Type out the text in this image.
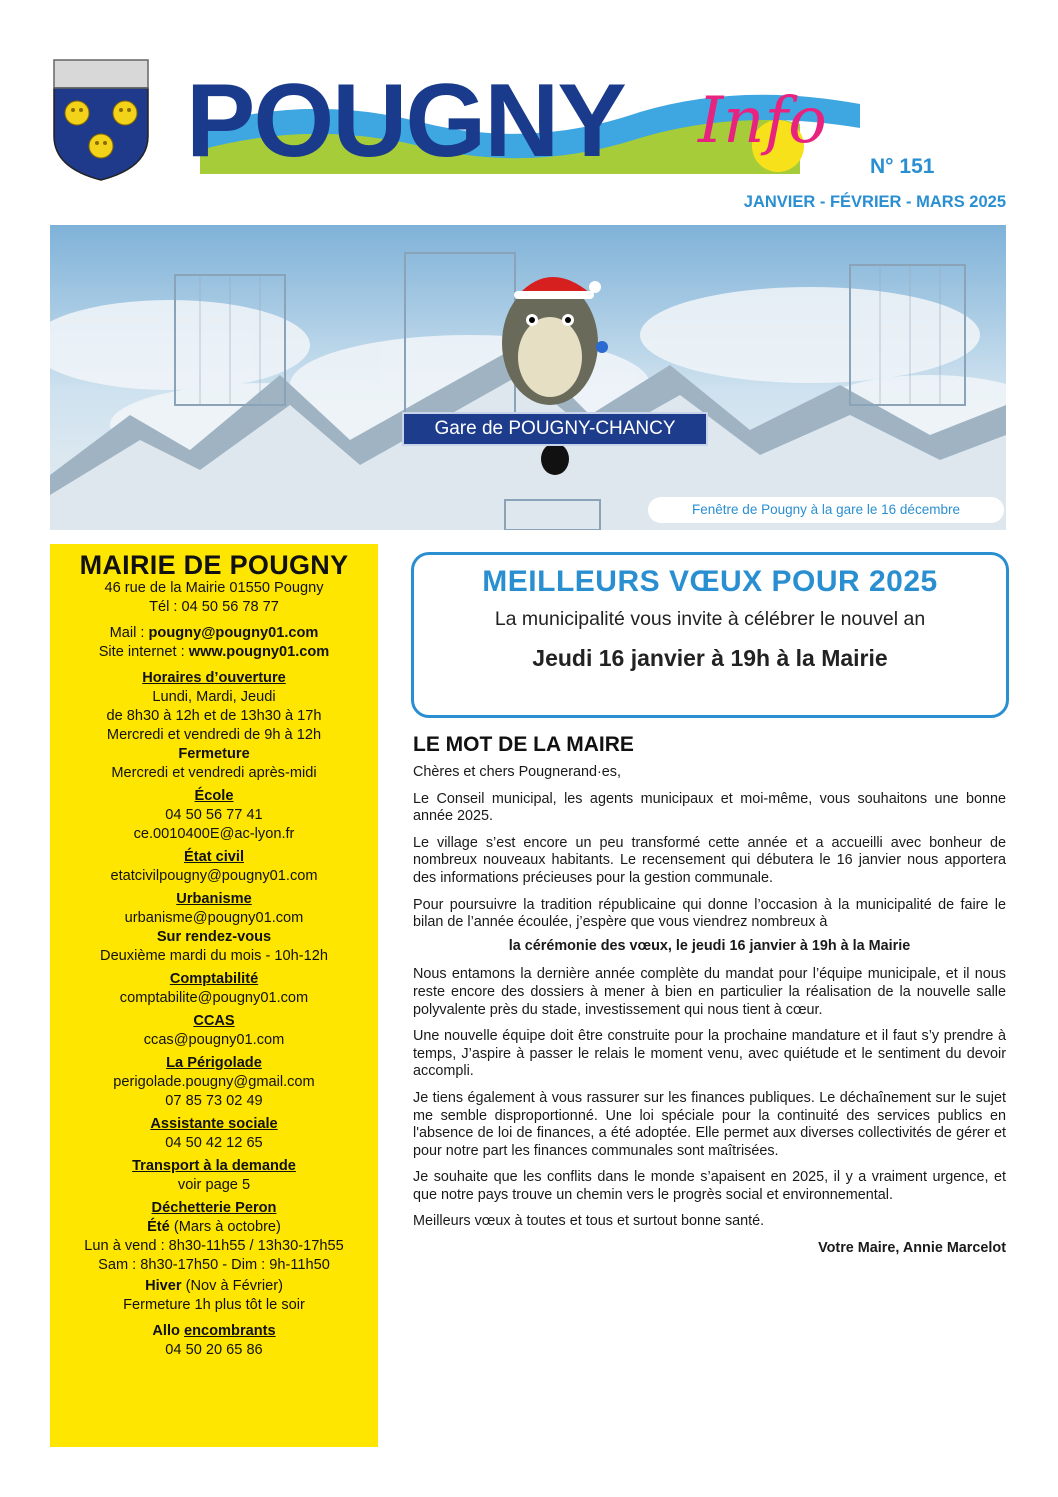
POUGNY Info
N° 151
JANVIER - FÉVRIER - MARS 2025
Gare de POUGNY-CHANCY
Fenêtre de Pougny à la gare le 16 décembre
MAIRIE DE POUGNY
46 rue de la Mairie 01550 Pougny
Tél : 04 50 56 78 77
Mail : pougny@pougny01.com
Site internet : www.pougny01.com
Horaires d’ouverture
Lundi, Mardi, Jeudi
de 8h30 à 12h et de 13h30 à 17h
Mercredi et vendredi de 9h à 12h
Fermeture
Mercredi et vendredi après-midi
École
04 50 56 77 41
ce.0010400E@ac-lyon.fr
État civil
etatcivilpougny@pougny01.com
Urbanisme
urbanisme@pougny01.com
Sur rendez-vous
Deuxième mardi du mois - 10h-12h
Comptabilité
comptabilite@pougny01.com
CCAS
ccas@pougny01.com
La Périgolade
perigolade.pougny@gmail.com
07 85 73 02 49
Assistante sociale
04 50 42 12 65
Transport à la demande
voir page 5
Déchetterie Peron
Été (Mars à octobre)
Lun à vend : 8h30-11h55 / 13h30-17h55
Sam : 8h30-17h50 - Dim : 9h-11h50
Hiver (Nov à Février)
Fermeture 1h plus tôt le soir
Allo encombrants
04 50 20 65 86
MEILLEURS VŒUX POUR 2025
La municipalité vous invite à célébrer le nouvel an
Jeudi 16 janvier à 19h à la Mairie
LE MOT DE LA MAIRE

Chères et chers Pougnerand·es,

Le Conseil municipal, les agents municipaux et moi-même, vous souhaitons une bonne année 2025.

Le village s’est encore un peu transformé cette année et a accueilli avec bonheur de nombreux nouveaux habitants. Le recensement qui débutera le 16 janvier nous apportera des informations précieuses pour la gestion communale.

Pour poursuivre la tradition républicaine qui donne l’occasion à la municipalité de faire le bilan de l’année écoulée, j’espère que vous viendrez nombreux à

la cérémonie des vœux, le jeudi 16 janvier à 19h à la Mairie

Nous entamons la dernière année complète du mandat pour l’équipe municipale, et il nous reste encore des dossiers à mener à bien en particulier la réalisation de la nouvelle salle polyvalente près du stade, investissement qui nous tient à cœur.

Une nouvelle équipe doit être construite pour la prochaine mandature et il faut s’y prendre à temps, J’aspire à passer le relais le moment venu, avec quiétude et le sentiment du devoir accompli.

Je tiens également à vous rassurer sur les finances publiques. Le déchaînement sur le sujet me semble disproportionné. Une loi spéciale pour la continuité des services publics en l'absence de loi de finances, a été adoptée. Elle permet aux diverses collectivités de gérer et pour notre part les finances communales sont maîtrisées.

Je souhaite que les conflits dans le monde s’apaisent en 2025, il y a vraiment urgence, et que notre pays trouve un chemin vers le progrès social et environnemental.

Meilleurs vœux à toutes et tous et surtout bonne santé.

Votre Maire, Annie Marcelot
